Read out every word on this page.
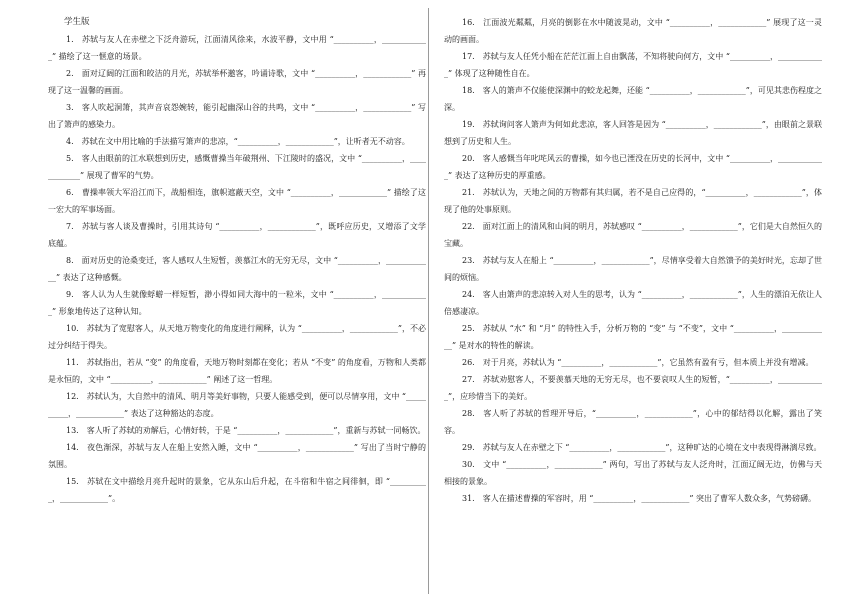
学生版

1.　苏轼与友人在赤壁之下泛舟游玩，江面清风徐来，水波平静，文中用 “__________，____________” 描绘了这一惬意的场景。

2.　面对辽阔的江面和皎洁的月光，苏轼举杯邀客，吟诵诗歌，文中 “__________，____________” 再现了这一温馨的画面。

3.　客人吹起洞箫，其声音哀怨婉转，能引起幽深山谷的共鸣，文中 “__________，____________” 写出了箫声的感染力。

4.　苏轼在文中用比喻的手法描写箫声的悲凉，“__________，____________”，让听者无不动容。

5.　客人由眼前的江水联想到历史，感慨曹操当年破荆州、下江陵时的盛况，文中 “__________，____________” 展现了曹军的气势。

6.　曹操率领大军沿江而下，战船相连，旗帜遮蔽天空，文中 “__________，____________” 描绘了这一宏大的军事场面。

7.　苏轼与客人谈及曹操时，引用其诗句 “__________，____________”，既呼应历史，又增添了文学底蕴。

8.　面对历史的沧桑变迁，客人感叹人生短暂，羡慕江水的无穷无尽，文中 “__________，____________” 表达了这种感慨。

9.　客人认为人生就像蜉蝣一样短暂，渺小得如同大海中的一粒米，文中 “__________，____________” 形象地传达了这种认知。

10.　苏轼为了宽慰客人，从天地万物变化的角度进行阐释，认为 “__________，____________”，不必过分纠结于得失。

11.　苏轼指出，若从 “变” 的角度看，天地万物时刻都在变化；若从 “不变” 的角度看，万物和人类都是永恒的，文中 “__________，____________” 阐述了这一哲理。

12.　苏轼认为，大自然中的清风、明月等美好事物，只要人能感受到，便可以尽情享用，文中 “__________，____________” 表达了这种豁达的态度。

13.　客人听了苏轼的劝解后，心情好转，于是 “__________，____________”，重新与苏轼一同畅饮。

14.　夜色渐深，苏轼与友人在船上安然入睡，文中 “__________，____________” 写出了当时宁静的氛围。

15.　苏轼在文中描绘月亮升起时的景象，它从东山后升起，在斗宿和牛宿之间徘徊，即 “__________，____________”。

16.　江面波光粼粼，月亮的倒影在水中随波晃动，文中 “__________，____________” 展现了这一灵动的画面。

17.　苏轼与友人任凭小船在茫茫江面上自由飘荡，不知将驶向何方，文中 “__________，____________” 体现了这种随性自在。

18.　客人的箫声不仅能使深渊中的蛟龙起舞，还能 “__________，____________”，可见其悲伤程度之深。

19.　苏轼询问客人箫声为何如此悲凉，客人回答是因为 “__________，____________”，由眼前之景联想到了历史和人生。

20.　客人感慨当年叱咤风云的曹操，如今也已湮没在历史的长河中，文中 “__________，____________” 表达了这种历史的厚重感。

21.　苏轼认为，天地之间的万物都有其归属，若不是自己应得的，“__________，____________”，体现了他的处事原则。

22.　面对江面上的清风和山间的明月，苏轼感叹 “__________，____________”，它们是大自然恒久的宝藏。

23.　苏轼与友人在船上 “__________，____________”，尽情享受着大自然馈予的美好时光，忘却了世间的烦恼。

24.　客人由箫声的悲凉转入对人生的思考，认为 “__________，____________”，人生的漂泊无依让人倍感凄凉。

25.　苏轼从 “水” 和 “月” 的特性入手，分析万物的 “变” 与 “不变”，文中 “__________，____________” 是对水的特性的解读。

26.　对于月亮，苏轼认为 “__________，____________”，它虽然有盈有亏，但本质上并没有增减。

27.　苏轼劝慰客人，不要羡慕天地的无穷无尽，也不要哀叹人生的短暂，“__________，____________”，应珍惜当下的美好。

28.　客人听了苏轼的哲理开导后，“__________，____________”，心中的郁结得以化解，露出了笑容。

29.　苏轼与友人在赤壁之下 “__________，____________”，这种旷达的心境在文中表现得淋漓尽致。

30.　文中 “__________，____________” 两句，写出了苏轼与友人泛舟时，江面辽阔无边，仿佛与天相接的景象。

31.　客人在描述曹操的军容时，用 “__________，____________” 突出了曹军人数众多，气势磅礴。
